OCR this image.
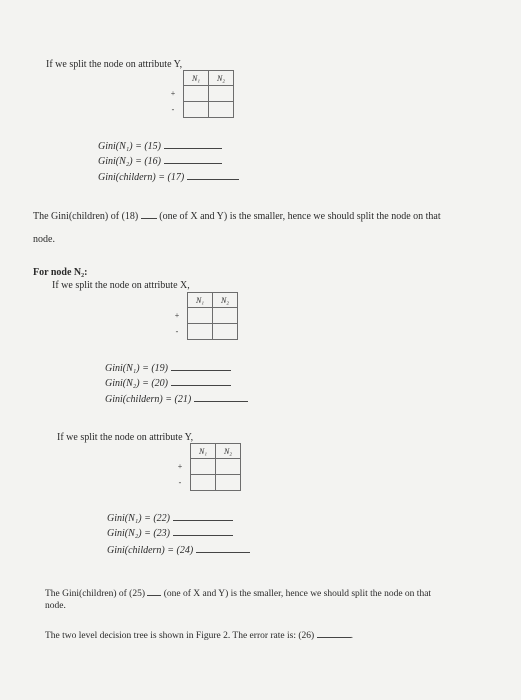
If we split the node on attribute Y,
	N₁	N₂
+		
-		
Gini(N₁) = (15)
Gini(N₂) = (16)
Gini(childern) = (17)
The Gini(children) of (18) (one of X and Y) is the smaller, hence we should split the node on that
node.
For node N₂:
If we split the node on attribute X,
	N₁	N₂
+		
-		
Gini(N₁) = (19)
Gini(N₂) = (20)
Gini(childern) = (21)
If we split the node on attribute Y,
	N₁	N₂
+		
-		
Gini(N₁) = (22)
Gini(N₂) = (23)
Gini(childern) = (24)
The Gini(children) of (25) (one of X and Y) is the smaller, hence we should split the node on that
node.
The two level decision tree is shown in Figure 2. The error rate is: (26)	.
